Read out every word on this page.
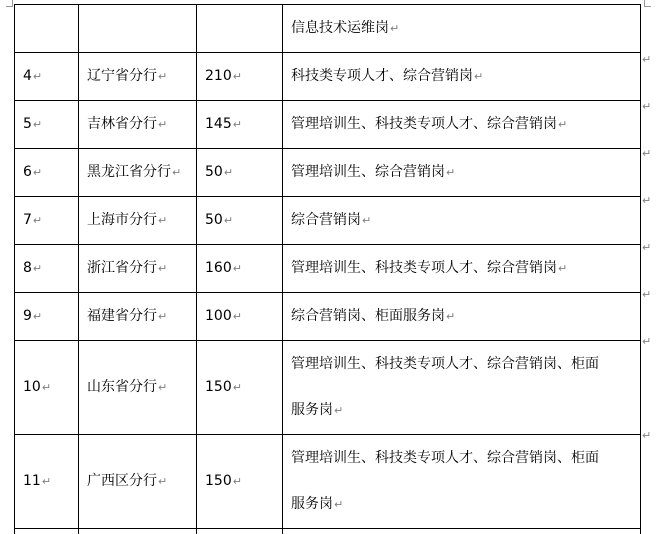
			信息技术运维岗↵

4↵	辽宁省分行↵	210↵	科技类专项人才、综合营销岗↵

5↵	吉林省分行↵	145↵	管理培训生、科技类专项人才、综合营销岗↵

6↵	黑龙江省分行↵	50↵	管理培训生、综合营销岗↵

7↵	上海市分行↵	50↵	综合营销岗↵

8↵	浙江省分行↵	160↵	管理培训生、科技类专项人才、综合营销岗↵

9↵	福建省分行↵	100↵	综合营销岗、柜面服务岗↵

10↵	山东省分行↵	150↵	管理培训生、科技类专项人才、综合营销岗、柜面
服务岗↵

11↵	广西区分行↵	150↵	管理培训生、科技类专项人才、综合营销岗、柜面
服务岗↵

↵
↵
↵
↵
↵
↵
↵
↵
